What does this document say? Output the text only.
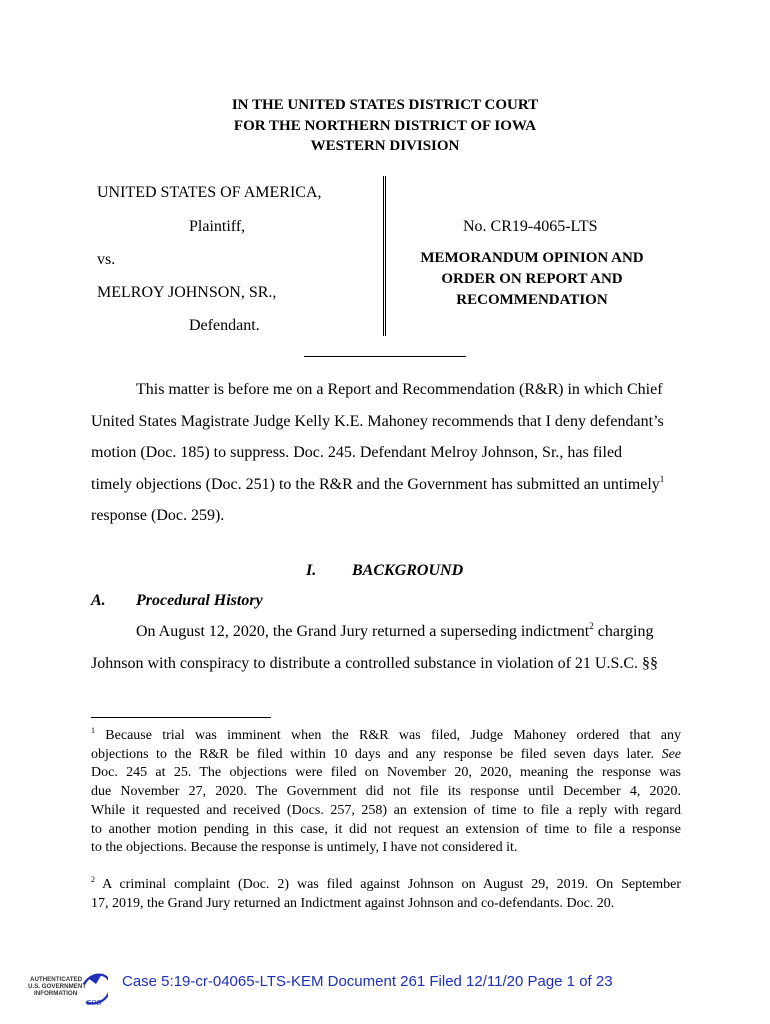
IN THE UNITED STATES DISTRICT COURT
FOR THE NORTHERN DISTRICT OF IOWA
WESTERN DIVISION
UNITED STATES OF AMERICA,
Plaintiff,
vs.
MELROY JOHNSON, SR.,
Defendant.
No. CR19-4065-LTS
MEMORANDUM OPINION AND
ORDER ON REPORT AND
RECOMMENDATION
This matter is before me on a Report and Recommendation (R&R) in which Chief
United States Magistrate Judge Kelly K.E. Mahoney recommends that I deny defendant’s
motion (Doc. 185) to suppress. Doc. 245. Defendant Melroy Johnson, Sr., has filed
timely objections (Doc. 251) to the R&R and the Government has submitted an untimely$^1$
response (Doc. 259).
I. BACKGROUND
A. Procedural History
On August 12, 2020, the Grand Jury returned a superseding indictment$^2$ charging
Johnson with conspiracy to distribute a controlled substance in violation of 21 U.S.C. §§
$^1$ Because trial was imminent when the R&R was filed, Judge Mahoney ordered that any
objections to the R&R be filed within 10 days and any response be filed seven days later. See
Doc. 245 at 25. The objections were filed on November 20, 2020, meaning the response was
due November 27, 2020. The Government did not file its response until December 4, 2020.
While it requested and received (Docs. 257, 258) an extension of time to file a reply with regard
to another motion pending in this case, it did not request an extension of time to file a response
to the objections. Because the response is untimely, I have not considered it.
$^2$ A criminal complaint (Doc. 2) was filed against Johnson on August 29, 2019. On September
17, 2019, the Grand Jury returned an Indictment against Johnson and co-defendants. Doc. 20.
AUTHENTICATED
U.S. GOVERNMENT
INFORMATION
GPO
Case 5:19-cr-04065-LTS-KEM Document 261 Filed 12/11/20 Page 1 of 23
